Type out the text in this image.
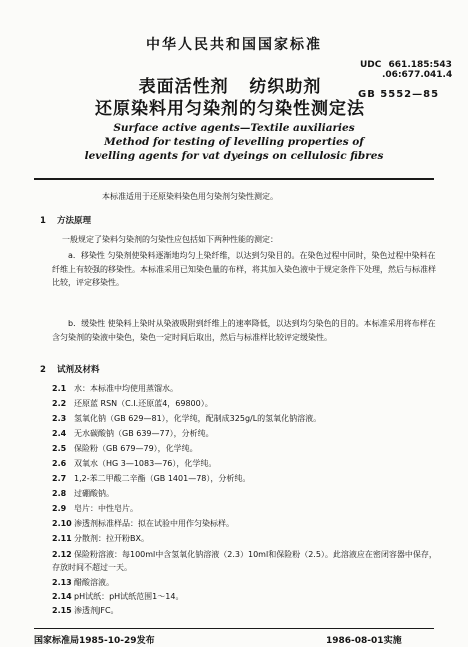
中华人民共和国国家标准
UDC 661.185:543
.06:677.041.4
GB 5552—85
表面活性剂   纺织助剂
还原染料用匀染剂的匀染性测定法
Surface active agents—Textile auxiliaries
Method for testing of levelling properties of
levelling agents for vat dyeings on cellulosic fibres
本标准适用于还原染料染色用匀染剂匀染性测定。
1 方法原理
一般规定了染料匀染剂的匀染性应包括如下两种性能的测定：
a．移染性 匀染剂使染料逐渐地均匀上染纤维，以达到匀染目的。在染色过程中同时，染色过程中染料在纤维上有较强的移染性。本标准采用已知染色量的布样，将其加入染色液中于规定条件下处理，然后与标准样比较，评定移染性。
b．缓染性 使染料上染时从染液吸附到纤维上的速率降低，以达到均匀染色的目的。本标准采用将布样在含匀染剂的染液中染色，染色一定时间后取出，然后与标准样比较评定缓染性。
2 试剂及材料
2.1 水：本标准中均使用蒸馏水。
2.2 还原蓝 RSN（C.I.还原蓝4，69800）。
2.3 氢氧化钠（GB 629—81），化学纯，配制成325g/L的氢氧化钠溶液。
2.4 无水碳酸钠（GB 639—77），分析纯。
2.5 保险粉（GB 679—79），化学纯。
2.6 双氧水（HG 3—1083—76），化学纯。
2.7 1,2-苯二甲酸二辛酯（GB 1401—78），分析纯。
2.8 过硼酸钠。
2.9 皂片：中性皂片。
2.10 渗透剂标准样品：拟在试验中用作匀染标样。
2.11 分散剂：拉开粉BX。
2.12 保险粉溶液：每100ml中含氢氧化钠溶液（2.3）10ml和保险粉（2.5）。此溶液应在密闭容器中保存，存放时间不超过一天。
2.13 醋酸溶液。
2.14 pH试纸：pH试纸范围1～14。
2.15 渗透剂JFC。
国家标准局1985-10-29发布	1986-08-01实施
